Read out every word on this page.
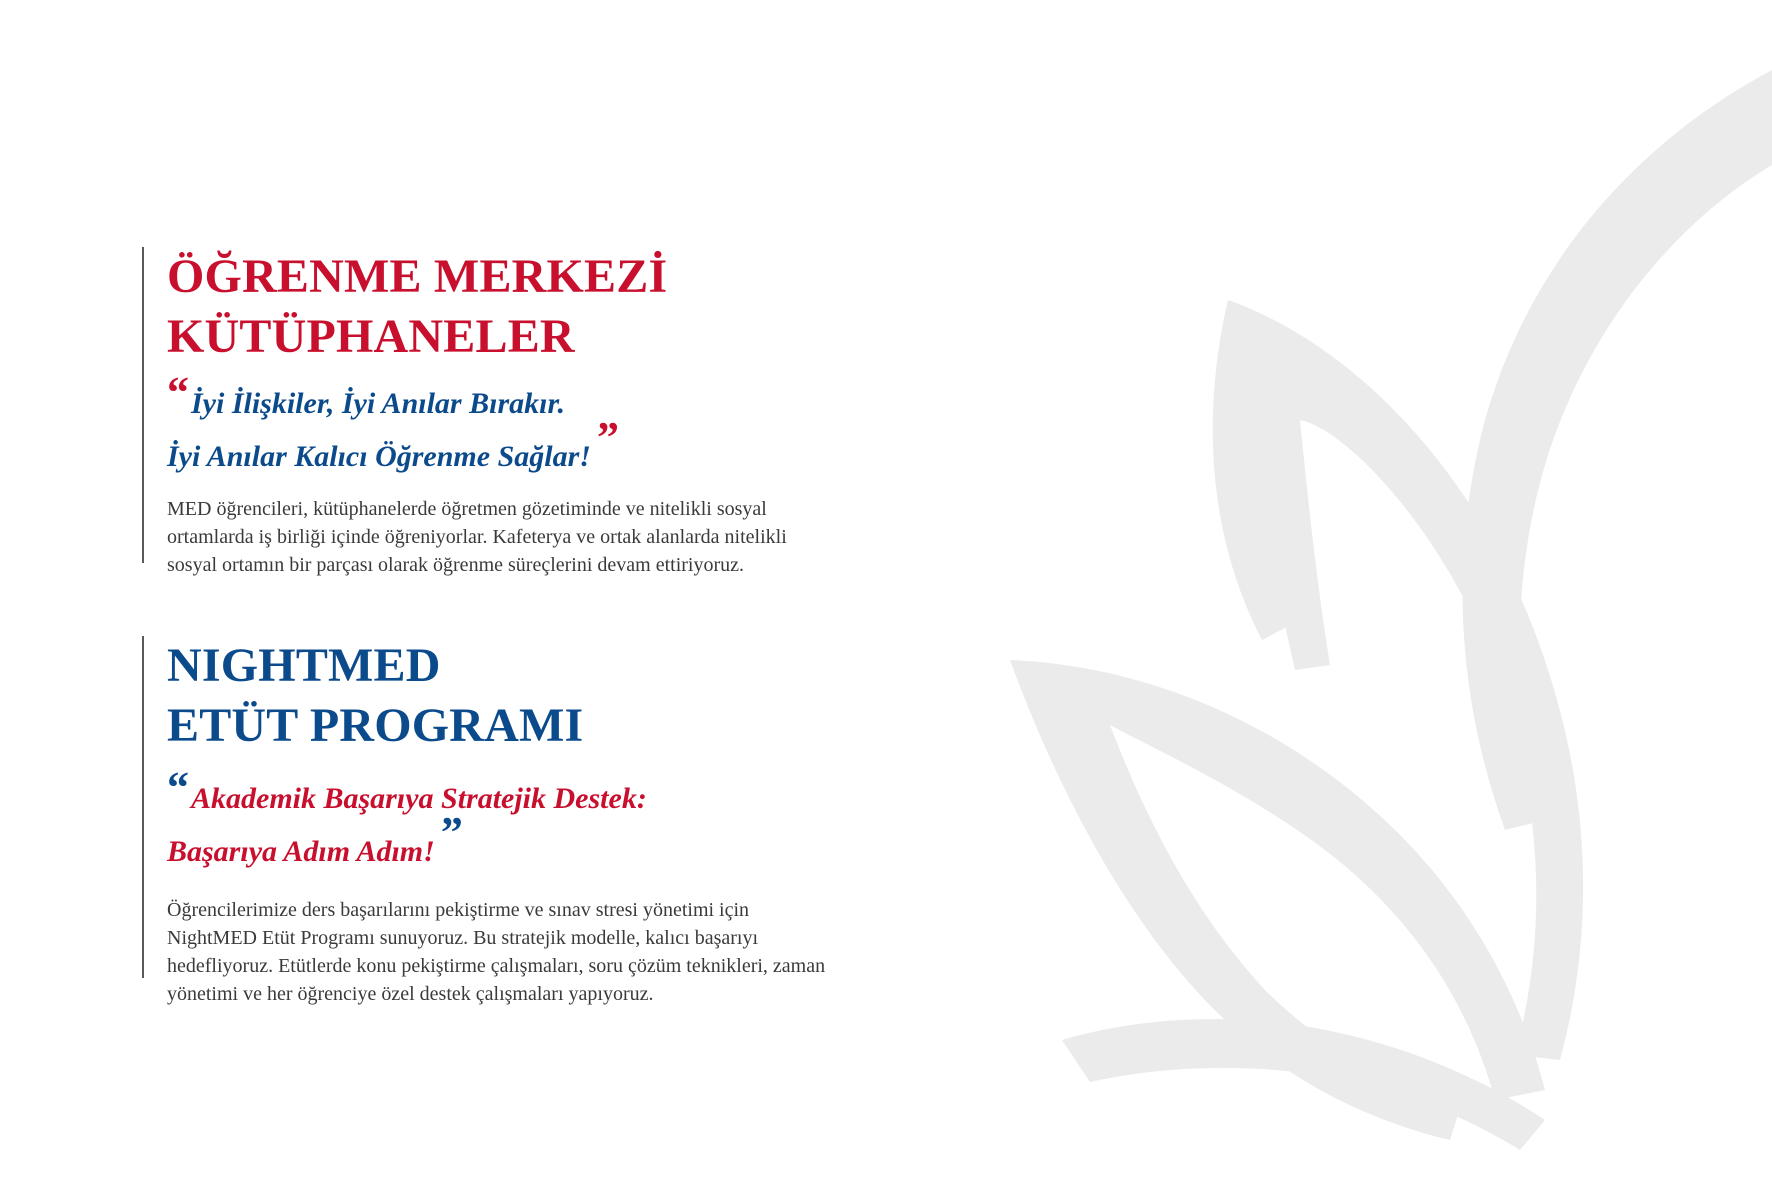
ÖĞRENME MERKEZİ
KÜTÜPHANELER
“İyi İlişkiler, İyi Anılar Bırakır.
İyi Anılar Kalıcı Öğrenme Sağlar! ”

MED öğrencileri, kütüphanelerde öğretmen gözetiminde ve nitelikli sosyal
ortamlarda iş birliği içinde öğreniyorlar. Kafeterya ve ortak alanlarda nitelikli
sosyal ortamın bir parçası olarak öğrenme süreçlerini devam ettiriyoruz.

NIGHTMED
ETÜT PROGRAMI
“Akademik Başarıya Stratejik Destek:
Başarıya Adım Adım! ”

Öğrencilerimize ders başarılarını pekiştirme ve sınav stresi yönetimi için
NightMED Etüt Programı sunuyoruz. Bu stratejik modelle, kalıcı başarıyı
hedefliyoruz. Etütlerde konu pekiştirme çalışmaları, soru çözüm teknikleri, zaman
yönetimi ve her öğrenciye özel destek çalışmaları yapıyoruz.
